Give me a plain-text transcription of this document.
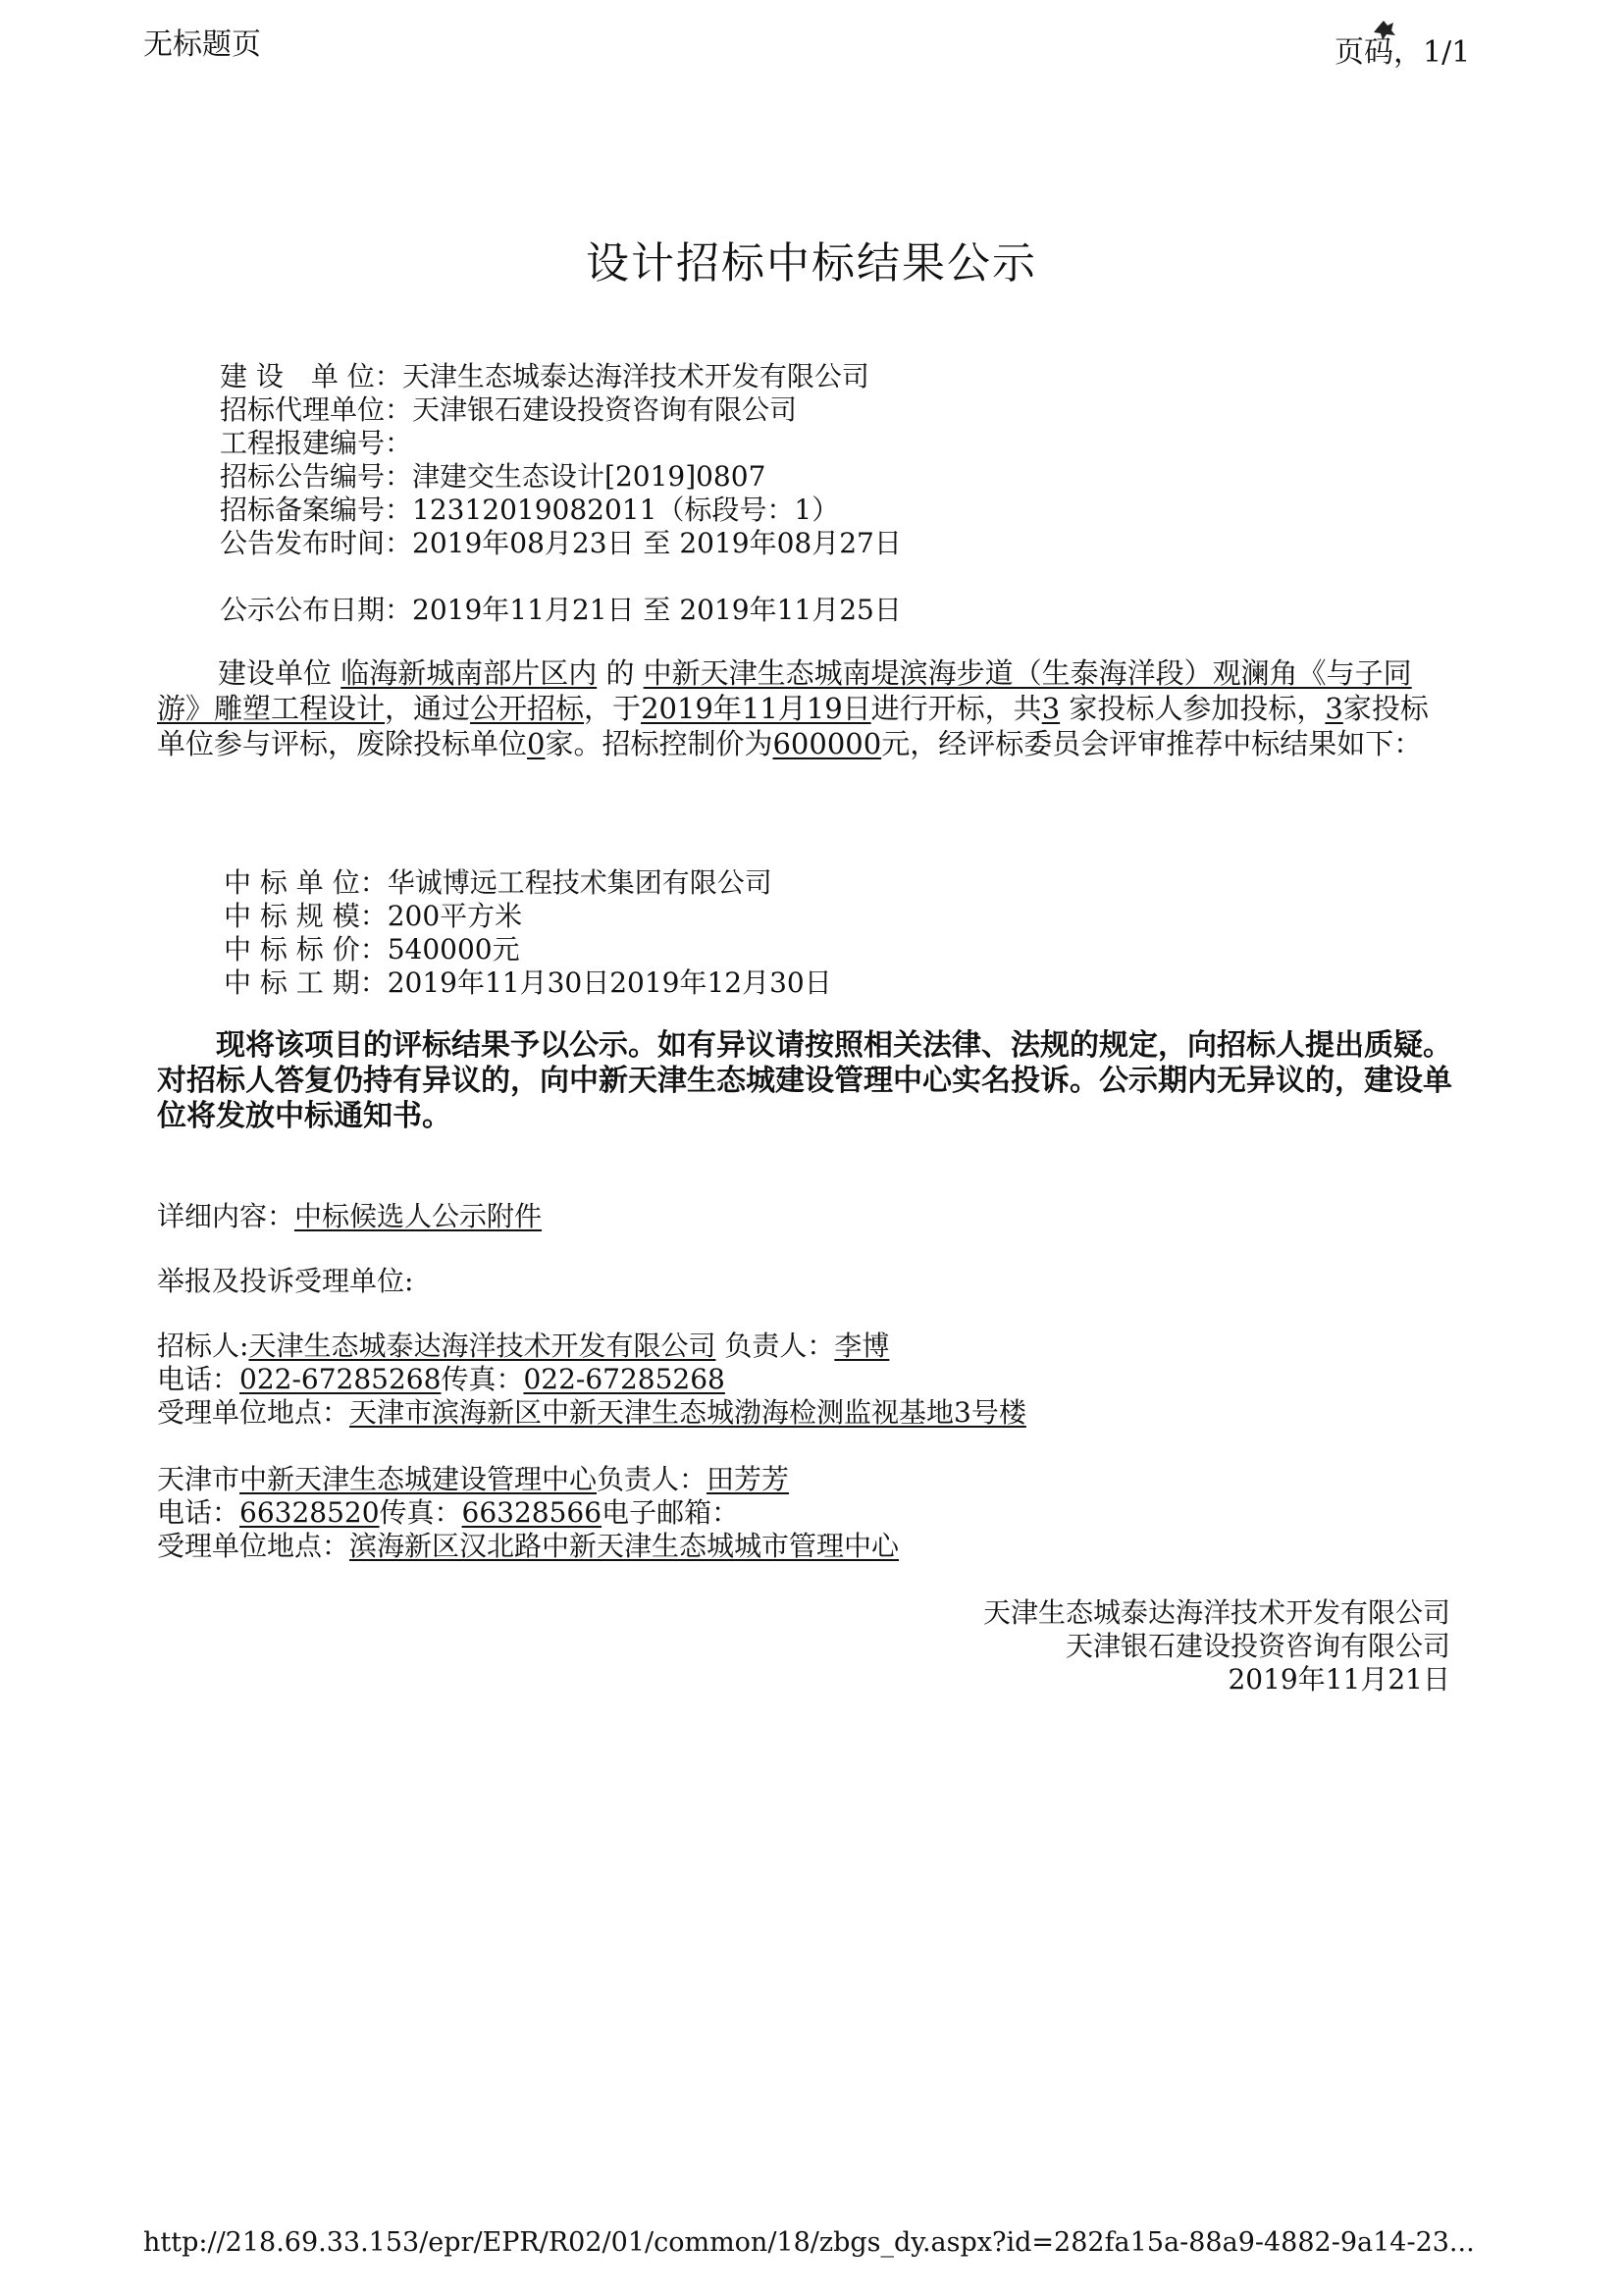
无标题页	页码，1/1
设计招标中标结果公示
建 设　单 位：天津生态城泰达海洋技术开发有限公司
招标代理单位：天津银石建设投资咨询有限公司
工程报建编号：
招标公告编号：津建交生态设计[2019]0807
招标备案编号：12312019082011（标段号：1）
公告发布时间：2019年08月23日 至 2019年08月27日
公示公布日期：2019年11月21日 至 2019年11月25日
建设单位 临海新城南部片区内 的 中新天津生态城南堤滨海步道（生泰海洋段）观澜角《与子同游》雕塑工程设计，通过公开招标，于2019年11月19日进行开标，共3 家投标人参加投标，3家投标单位参与评标，废除投标单位0家。招标控制价为600000元，经评标委员会评审推荐中标结果如下：
中 标 单 位：华诚博远工程技术集团有限公司
中 标 规 模：200平方米
中 标 标 价：540000元
中 标 工 期：2019年11月30日2019年12月30日
现将该项目的评标结果予以公示。如有异议请按照相关法律、法规的规定，向招标人提出质疑。对招标人答复仍持有异议的，向中新天津生态城建设管理中心实名投诉。公示期内无异议的，建设单位将发放中标通知书。
详细内容：中标候选人公示附件
举报及投诉受理单位:
招标人:天津生态城泰达海洋技术开发有限公司 负责人：李博
电话：022-67285268传真：022-67285268
受理单位地点：天津市滨海新区中新天津生态城渤海检测监视基地3号楼
天津市中新天津生态城建设管理中心负责人：田芳芳
电话：66328520传真：66328566电子邮箱：
受理单位地点：滨海新区汉北路中新天津生态城城市管理中心
天津生态城泰达海洋技术开发有限公司
天津银石建设投资咨询有限公司
2019年11月21日
http://218.69.33.153/epr/EPR/R02/01/common/18/zbgs_dy.aspx?id=282fa15a-88a9-4882-9a14-23...
